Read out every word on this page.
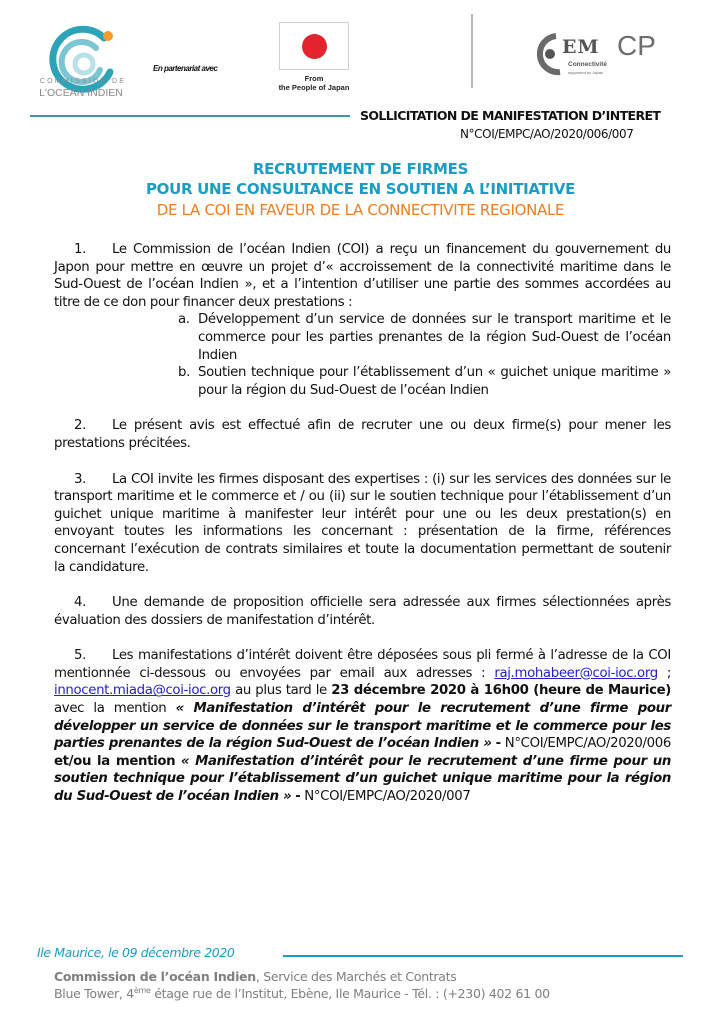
COMMISSION DE
L'OCÉAN INDIEN
En partenariat avec
From
the People of Japan
EM CP
Connectivité
supported by Japan
SOLLICITATION DE MANIFESTATION D’INTERET
N°COI/EMPC/AO/2020/006/007
RECRUTEMENT DE FIRMES
POUR UNE CONSULTANCE EN SOUTIEN A L’INITIATIVE
DE LA COI EN FAVEUR DE LA CONNECTIVITE REGIONALE

1. Le Commission de l’océan Indien (COI) a reçu un financement du gouvernement du Japon pour mettre en œuvre un projet d’« accroissement de la connectivité maritime dans le Sud-Ouest de l’océan Indien », et a l’intention d’utiliser une partie des sommes accordées au titre de ce don pour financer deux prestations :

a. Développement d’un service de données sur le transport maritime et le commerce pour les parties prenantes de la région Sud-Ouest de l’océan Indien
b. Soutien technique pour l’établissement d’un « guichet unique maritime » pour la région du Sud-Ouest de l’océan Indien

2. Le présent avis est effectué afin de recruter une ou deux firme(s) pour mener les prestations précitées.

3. La COI invite les firmes disposant des expertises : (i) sur les services des données sur le transport maritime et le commerce et / ou (ii) sur le soutien technique pour l’établissement d’un guichet unique maritime à manifester leur intérêt pour une ou les deux prestation(s) en envoyant toutes les informations les concernant : présentation de la firme, références concernant l’exécution de contrats similaires et toute la documentation permettant de soutenir la candidature.

4. Une demande de proposition officielle sera adressée aux firmes sélectionnées après évaluation des dossiers de manifestation d’intérêt.

5. Les manifestations d’intérêt doivent être déposées sous pli fermé à l’adresse de la COI mentionnée ci-dessous ou envoyées par email aux adresses : raj.mohabeer@coi-ioc.org ; innocent.miada@coi-ioc.org au plus tard le 23 décembre 2020 à 16h00 (heure de Maurice) avec la mention « Manifestation d’intérêt pour le recrutement d’une firme pour développer un service de données sur le transport maritime et le commerce pour les parties prenantes de la région Sud-Ouest de l’océan Indien » - N°COI/EMPC/AO/2020/006 et/ou la mention « Manifestation d’intérêt pour le recrutement d’une firme pour un soutien technique pour l’établissement d’un guichet unique maritime pour la région du Sud-Ouest de l’océan Indien » - N°COI/EMPC/AO/2020/007

Ile Maurice, le 09 décembre 2020
Commission de l’océan Indien, Service des Marchés et Contrats
Blue Tower, 4ème étage rue de l’Institut, Ebène, Ile Maurice - Tél. : (+230) 402 61 00
